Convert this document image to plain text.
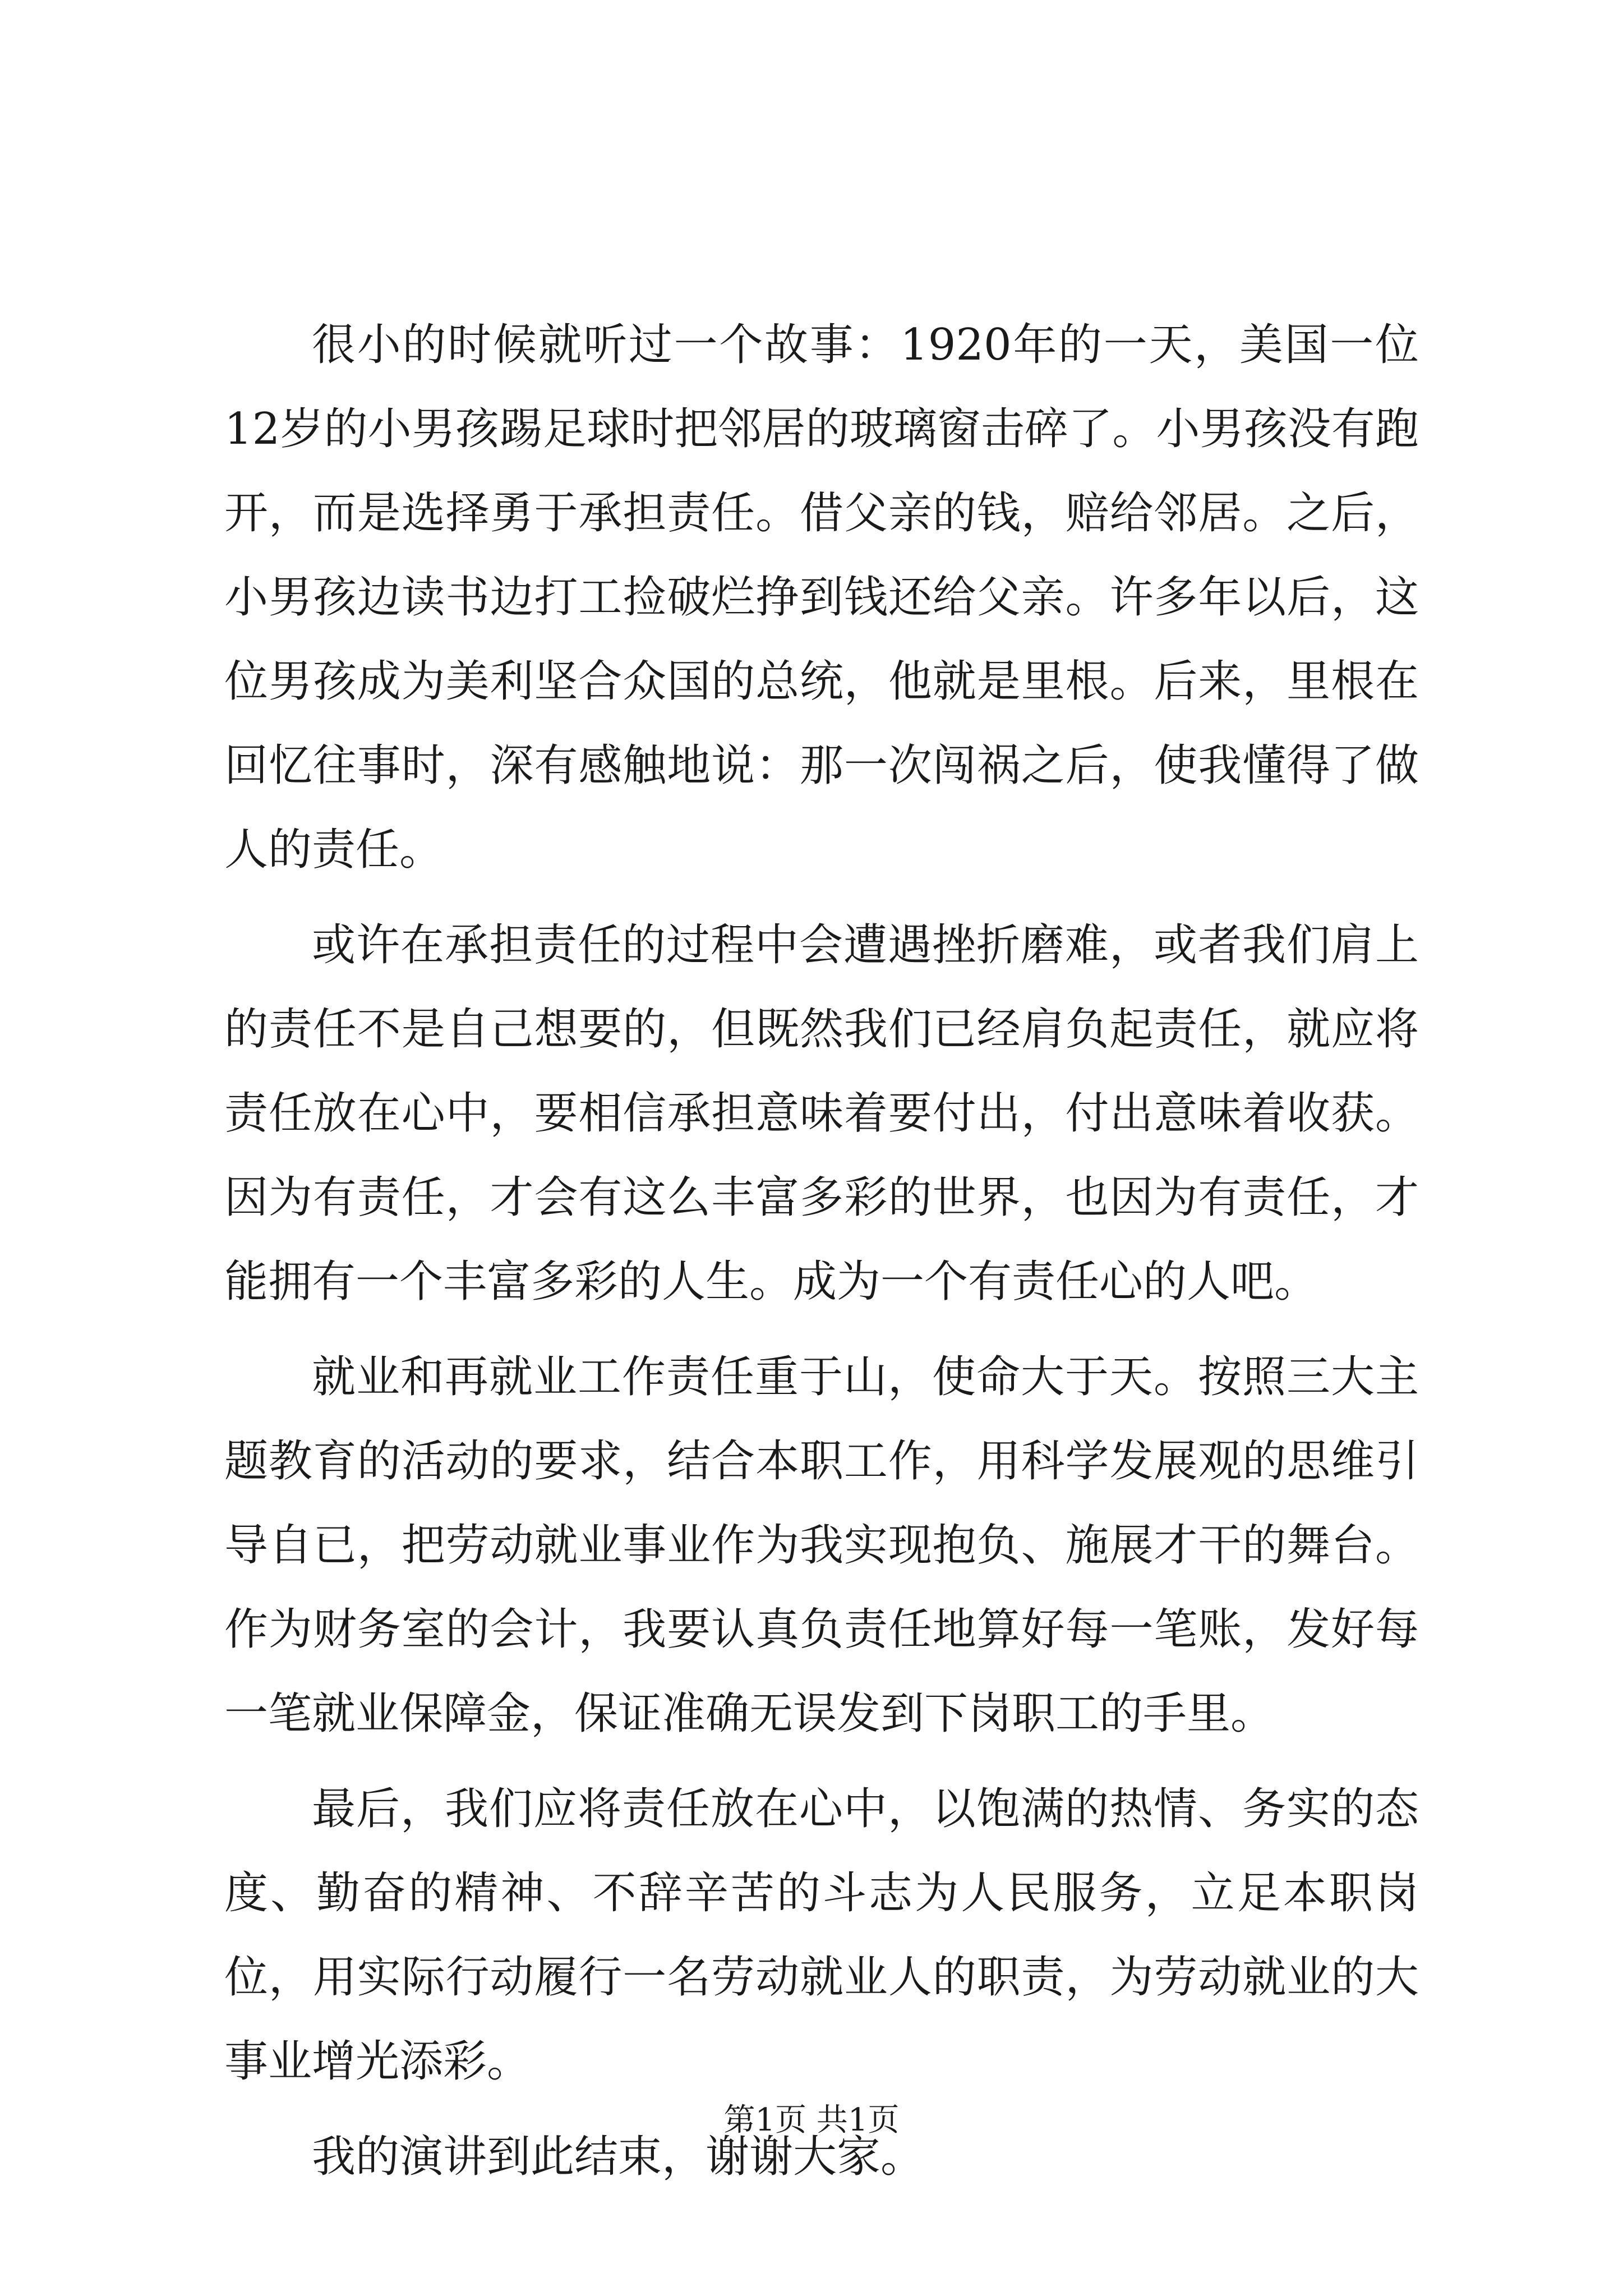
很小的时候就听过一个故事：1920年的一天，美国一位12岁的小男孩踢足球时把邻居的玻璃窗击碎了。小男孩没有跑开，而是选择勇于承担责任。借父亲的钱，赔给邻居。之后，小男孩边读书边打工捡破烂挣到钱还给父亲。许多年以后，这位男孩成为美利坚合众国的总统，他就是里根。后来，里根在回忆往事时，深有感触地说：那一次闯祸之后，使我懂得了做人的责任。

或许在承担责任的过程中会遭遇挫折磨难，或者我们肩上的责任不是自己想要的，但既然我们已经肩负起责任，就应将责任放在心中，要相信承担意味着要付出，付出意味着收获。因为有责任，才会有这么丰富多彩的世界，也因为有责任，才能拥有一个丰富多彩的人生。成为一个有责任心的人吧。

就业和再就业工作责任重于山，使命大于天。按照三大主题教育的活动的要求，结合本职工作，用科学发展观的思维引导自已，把劳动就业事业作为我实现抱负、施展才干的舞台。作为财务室的会计，我要认真负责任地算好每一笔账，发好每一笔就业保障金，保证准确无误发到下岗职工的手里。

最后，我们应将责任放在心中，以饱满的热情、务实的态度、勤奋的精神、不辞辛苦的斗志为人民服务，立足本职岗位，用实际行动履行一名劳动就业人的职责，为劳动就业的大事业增光添彩。

我的演讲到此结束，谢谢大家。

第1页 共1页
